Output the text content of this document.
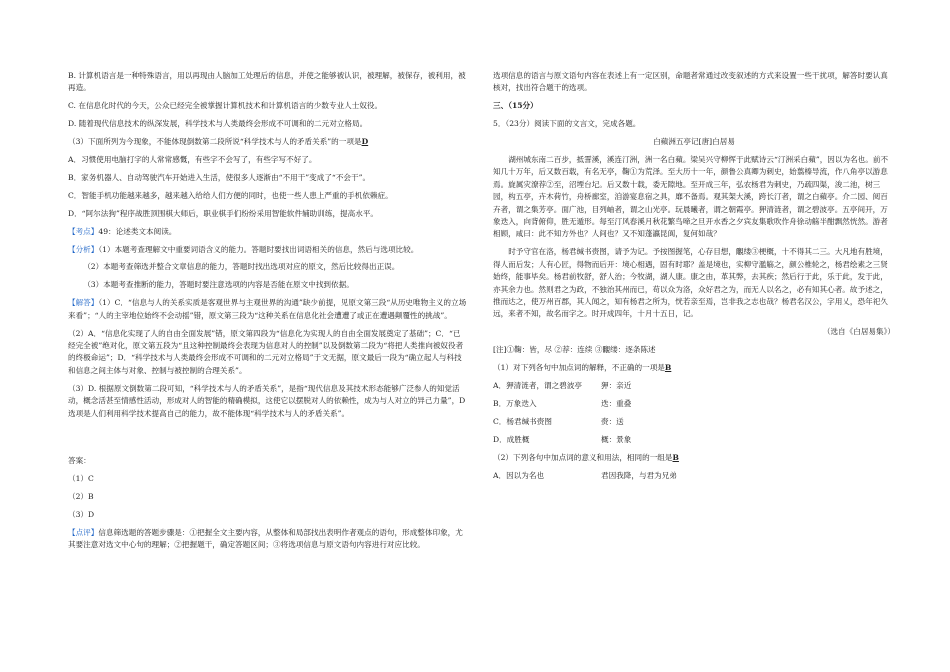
B. 计算机语言是一种特殊语言，用以再现由人脑加工处理后的信息，并使之能够被认识，被理解，被保存，被利用，被再造。

C. 在信息化时代的今天，公众已经完全被掌握计算机技术和计算机语言的少数专业人士奴役。

D. 随着现代信息技术的纵深发展，科学技术与人类最终会形成不可调和的二元对立格局。

（3）下面所列为今现象，不能体现倒数第二段所说“科学技术与人的矛盾关系”的一项是D

A．习惯使用电脑打字的人常常感慨，有些字不会写了，有些字写不好了。

B．家务机器人、自动驾驶汽车开始进入生活，使很多人逐渐由“不用干”变成了“不会干”。

C．智能手机功能越来越多，越来越入给给人们方便的同时，也使一些人患上严重的手机依赖症。

D．“阿尔法狗”程序战胜顶围棋大师后，职业棋手们纷纷采用智能软件辅助训练，提高水平。

【考点】49：论述类文本阅读。

【分析】（1）本题考查理解文中重要词语含义的能力。答题时要找出词语相关的信息，然后与选项比较。

（2）本题考查筛选并整合文章信息的能力，答题时找出选项对应的原文，然后比较得出正误。

（3）本题考查推断的能力，答题时要注意选项的内容是否能在原文中找到依据。

【解答】（1）C．“信息与人的关系实质是客观世界与主观世界的沟通”缺少前提，见原文第三段“从历史唯物主义的立场来看”；“人的主宰地位始终不会动摇”错，原文第三段为“这种关系在信息化社会遭遭了或正在遭遇颠覆性的挑战”。

（2）A．“信息化实现了人的自由全面发展”错，原文第四段为“信息化为实现人的自由全面发展奠定了基础”；C．“已经完全被”绝对化，原文第五段为“且这种控制最终会表现为信息对人的控制”以及倒数第二段为“将把人类推向被奴役者的终极命运”；D．“科学技术与人类最终会形成不可调和的二元对立格局”于文无据，原文最后一段为“确立起人与科技和信息之间主体与对象、控制与被控制的合理关系”。

（3）D. 根据原文倒数第二段可知，“科学技术与人的矛盾关系”，是指“现代信息及其技术形态能够广泛参人的知觉活动，概念活甚至情感性活动，形成对人的智能的精确模拟，这使它以摆脱对人的依赖性，成为与人对立的异己力量”，D选项是人们利用科学技术提高自己的能力，故不能体现“科学技术与人的矛盾关系”。

答案：

（1）C

（2）B

（3）D

【点评】信息筛选题的答题步骤是：①把握全文主要内容，从整体和局部找出表明作者观点的语句，形成整体印象，尤其要注意对选文中心句的理解；②把握题干，确定答题区间；③将选项信息与原文语句内容进行对应比较。

选项信息的语言与原文语句内容在表述上有一定区别，命题者常通过改变叙述的方式来设置一些干扰项，解答时要认真核对，找出符合题干的选项。

三、（15分）

5．（23分）阅读下面的文言文，完成各题。

白蘋洲五亭记[唐]白居易

湖州城东南二百步，抵霅溪，溪连汀洲，洲一名白蘋。梁吴兴守柳恽于此赋诗云“汀洲采白蘋”，因以为名也。前不知几十万年，后又数百载，有名无亭，鞠①为荒泽。至大历十一年，颜鲁公真卿为刺史，始翦榛导流，作八角亭以游息焉。旋属灾潦荐②至，沼堙台圮。后又数十载，委无隙地。至开成三年，弘农杨君为刺史，乃疏四渠，浚二池，树三园，构五亭，卉木荷竹，舟桥廊室，洎游宴息宿之具，靡不备焉。观其架大溪，跨长汀者，谓之白蘋亭。介二园、阅百卉者，谓之集芳亭。面广池，目列岫者，谓之山光亭。玩晨曦者，谓之朝霞亭。狎清涟者，谓之碧波亭。五亭间开，万象迭入，向背俯仰，胜无遁形。每至汀风春溪月秋花繁鸟啼之旦开水香之夕宾友集歌吹作舟徐动觞半酣飘然恍然。游者相顾，咸曰：此不知方外也？人间也？又不知蓬瀛昆阆，复何如哉？

时予守官在洛，杨君缄书赍图，请予为记。予按图握笔，心存目想，覼缕③梗概，十不得其二三。大凡地有胜境，得人而后发；人有心匠，得物而后开：境心相遇，固有时耶？盖是境也，实柳守濫觞之，颜公椎轮之，杨君绘素之三贤始终，能事毕矣。杨君前牧舒，舒人治；今牧湖，湖人康。康之由，革其弊，去其疾；然后行于此，乐于此，发于此，亦其余力也。然则君之为政，不独治其州而已，苟以众为洛，众好君之为，而无人以名之，必有知其心者。故予述之，推而达之，使万州百郡，其人闻之，知有杨君之所为，恍若亲至焉，岂非我之志也哉？杨君名汉公，字用乂，恐年祀久远，来者不知，故名而字之。时开成四年，十月十五日，记。

（选自《白居易集》）

[注]①鞠：皆，尽 ②荐：连续 ③覼缕：逐条陈述

（1）对下列各句中加点词的解释，不正确的一项是B

A．狎清涟者，谓之碧波亭 狎：亲近
B．万象迭入	迭：重叠
C．杨君缄书赍图	赍：送
D．成胜概	概：景象

（2）下列各句中加点词的意义和用法，相同的一组是B

A．因以为名也	君因我降，与君为兄弟
